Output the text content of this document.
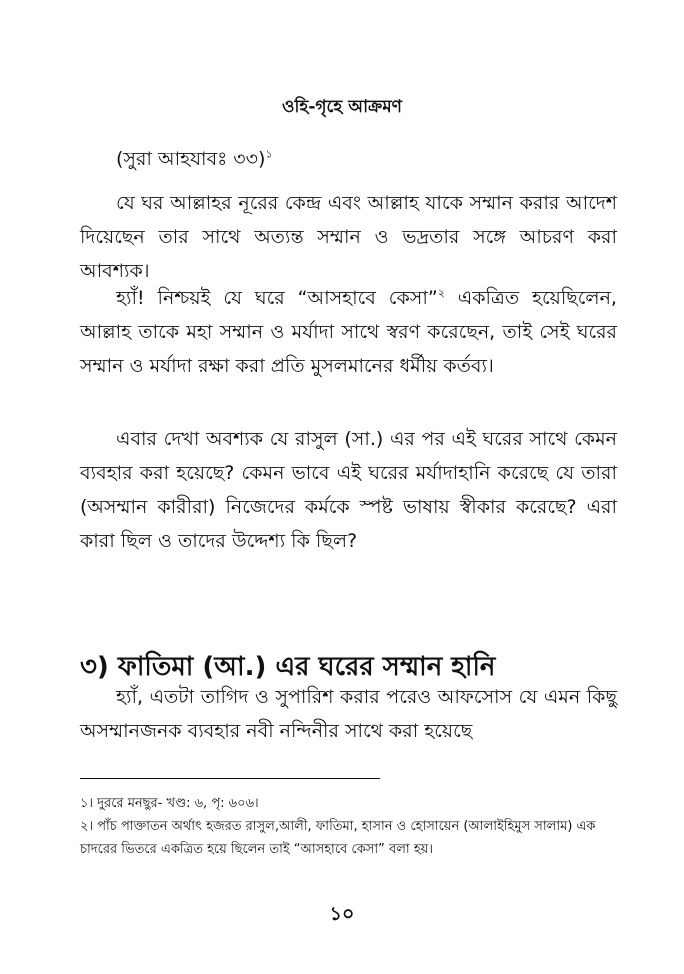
ওহি-গৃহে আক্রমণ

(সুরা আহযাবঃ ৩৩)$^১$

যে ঘর আল্লাহর নূরের কেন্দ্র এবং আল্লাহ যাকে সম্মান করার আদেশ দিয়েছেন তার সাথে অত্যন্ত সম্মান ও ভদ্রতার সঙ্গে আচরণ করা আবশ্যক।

হ্যাঁ! নিশ্চয়ই যে ঘরে “আসহাবে কেসা”$^২$ একত্রিত হয়েছিলেন, আল্লাহ তাকে মহা সম্মান ও মর্যাদা সাথে স্বরণ করেছেন, তাই সেই ঘরের সম্মান ও মর্যাদা রক্ষা করা প্রতি মুসলমানের ধর্মীয় কর্তব্য।

এবার দেখা অবশ্যক যে রাসুল (সা.) এর পর এই ঘরের সাথে কেমন ব্যবহার করা হয়েছে? কেমন ভাবে এই ঘরের মর্যাদাহানি করেছে যে তারা (অসম্মান কারীরা) নিজেদের কর্মকে স্পষ্ট ভাষায় স্বীকার করেছে? এরা কারা ছিল ও তাদের উদ্দেশ্য কি ছিল?

৩) ফাতিমা (আ.) এর ঘরের সম্মান হানি

হ্যাঁ, এতটা তাগিদ ও সুপারিশ করার পরেও আফসোস যে এমন কিছু অসম্মানজনক ব্যবহার নবী নন্দিনীর সাথে করা হয়েছে

১। দুররে মনছুর- খণ্ড: ৬, পৃ: ৬০৬।

২। পাঁচ পাক্তাতন অর্থাৎ হজরত রাসুল,আলী, ফাতিমা, হাসান ও হোসায়েন (আলাইহিমুস সালাম) এক চাদরের ভিতরে একত্রিত হয়ে ছিলেন তাই “আসহাবে কেসা” বলা হয়।

১০
